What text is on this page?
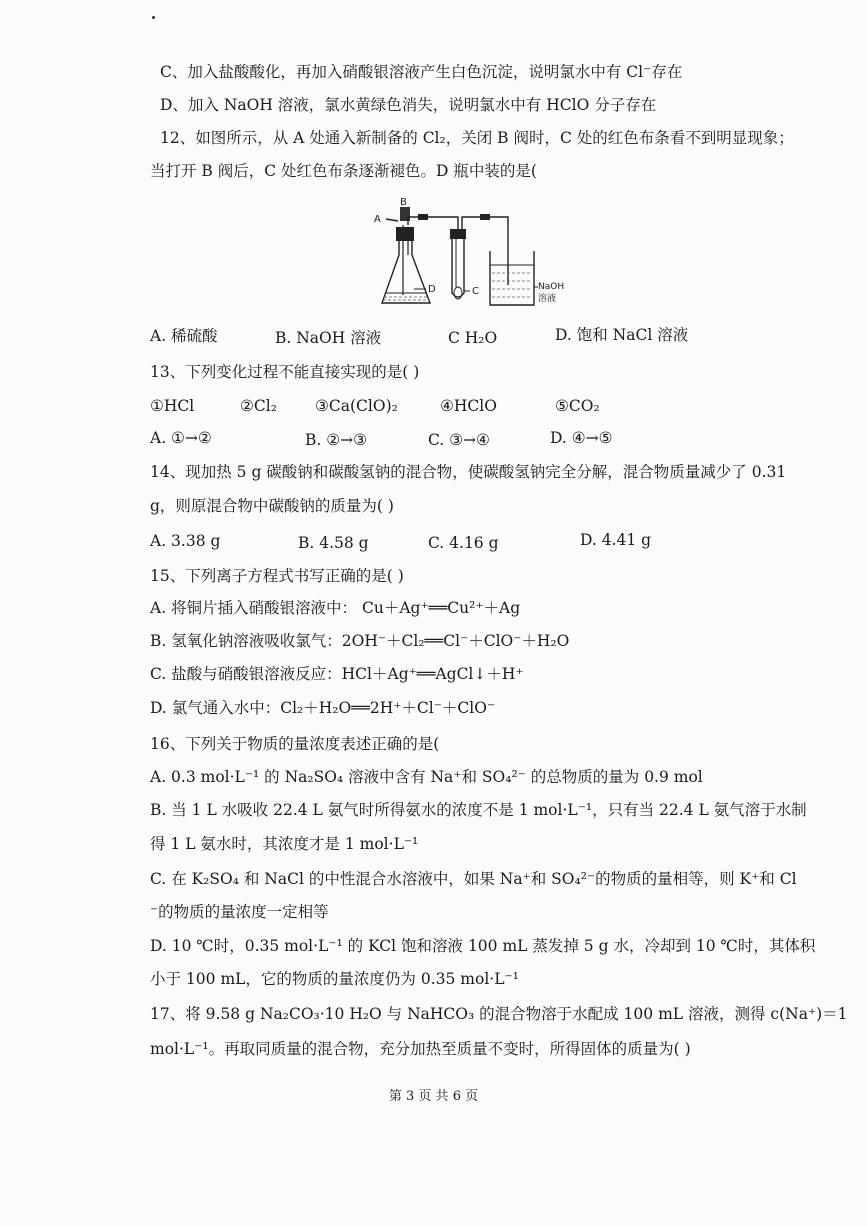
C、加入盐酸酸化，再加入硝酸银溶液产生白色沉淀，说明氯水中有 Cl⁻存在
D、加入 NaOH 溶液，氯水黄绿色消失，说明氯水中有 HClO 分子存在
12、如图所示，从 A 处通入新制备的 Cl₂，关闭 B 阀时，C 处的红色布条看不到明显现象；
当打开 B 阀后，C 处红色布条逐渐褪色。D 瓶中装的是(
A
B
D	C	NaOH
溶液
A. 稀硫酸	B. NaOH 溶液	C H₂O	D. 饱和 NaCl 溶液
13、下列变化过程不能直接实现的是( )
①HCl	②Cl₂ ③Ca(ClO)₂	④HClO	⑤CO₂
A. ①→②	B. ②→③	C. ③→④	D. ④→⑤
14、现加热 5 g 碳酸钠和碳酸氢钠的混合物，使碳酸氢钠完全分解，混合物质量减少了 0.31
g，则原混合物中碳酸钠的质量为( )
A. 3.38 g	B. 4.58 g	C. 4.16 g	D. 4.41 g
15、下列离子方程式书写正确的是( )
A. 将铜片插入硝酸银溶液中： Cu＋Ag⁺══Cu²⁺＋Ag
B. 氢氧化钠溶液吸收氯气：2OH⁻＋Cl₂══Cl⁻＋ClO⁻＋H₂O
C. 盐酸与硝酸银溶液反应：HCl＋Ag⁺══AgCl↓＋H⁺
D. 氯气通入水中：Cl₂＋H₂O══2H⁺＋Cl⁻＋ClO⁻
16、下列关于物质的量浓度表述正确的是(
A. 0.3 mol·L⁻¹ 的 Na₂SO₄ 溶液中含有 Na⁺和 SO₄²⁻ 的总物质的量为 0.9 mol
B. 当 1 L 水吸收 22.4 L 氨气时所得氨水的浓度不是 1 mol·L⁻¹，只有当 22.4 L 氨气溶于水制
得 1 L 氨水时，其浓度才是 1 mol·L⁻¹
C. 在 K₂SO₄ 和 NaCl 的中性混合水溶液中，如果 Na⁺和 SO₄²⁻的物质的量相等，则 K⁺和 Cl
⁻的物质的量浓度一定相等
D. 10 ℃时，0.35 mol·L⁻¹ 的 KCl 饱和溶液 100 mL 蒸发掉 5 g 水，冷却到 10 ℃时，其体积
小于 100 mL，它的物质的量浓度仍为 0.35 mol·L⁻¹
17、将 9.58 g Na₂CO₃·10 H₂O 与 NaHCO₃ 的混合物溶于水配成 100 mL 溶液，测得 c(Na⁺)＝1
mol·L⁻¹。再取同质量的混合物，充分加热至质量不变时，所得固体的质量为( )
第 3 页 共 6 页
